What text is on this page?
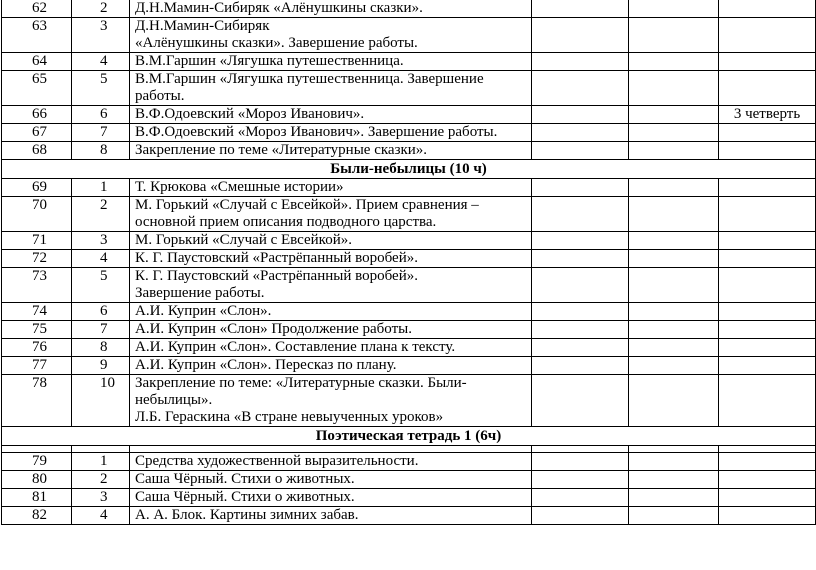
62	2	Д.Н.Мамин-Сибиряк «Алёнушкины сказки».			
63	3	Д.Н.Мамин-Сибиряк
«Алёнушкины сказки». Завершение работы.			
64	4	В.М.Гаршин «Лягушка путешественница.			
65	5	В.М.Гаршин «Лягушка путешественница. Завершение
работы.			
66	6	В.Ф.Одоевский «Мороз Иванович».			3 четверть
67	7	В.Ф.Одоевский «Мороз Иванович». Завершение работы.			
68	8	Закрепление по теме «Литературные сказки».			
Были-небылицы (10 ч)					
69	1	Т. Крюкова «Смешные истории»			
70	2	М. Горький «Случай с Евсейкой». Прием сравнения –
основной прием описания подводного царства.			
71	3	М. Горький «Случай с Евсейкой».			
72	4	К. Г. Паустовский «Растрёпанный воробей».			
73	5	К. Г. Паустовский «Растрёпанный воробей».
Завершение работы.			
74	6	А.И. Куприн «Слон».			
75	7	А.И. Куприн «Слон» Продолжение работы.			
76	8	А.И. Куприн «Слон». Составление плана к тексту.			
77	9	А.И. Куприн «Слон». Пересказ по плану.			
78	10	Закрепление по теме: «Литературные сказки. Были-
небылицы».
Л.Б. Гераскина «В стране невыученных уроков»			
Поэтическая тетрадь 1 (6ч)					

79	1	Средства художественной выразительности.			
80	2	Саша Чёрный. Стихи о животных.			
81	3	Саша Чёрный. Стихи о животных.			
82	4	А. А. Блок. Картины зимних забав.			
